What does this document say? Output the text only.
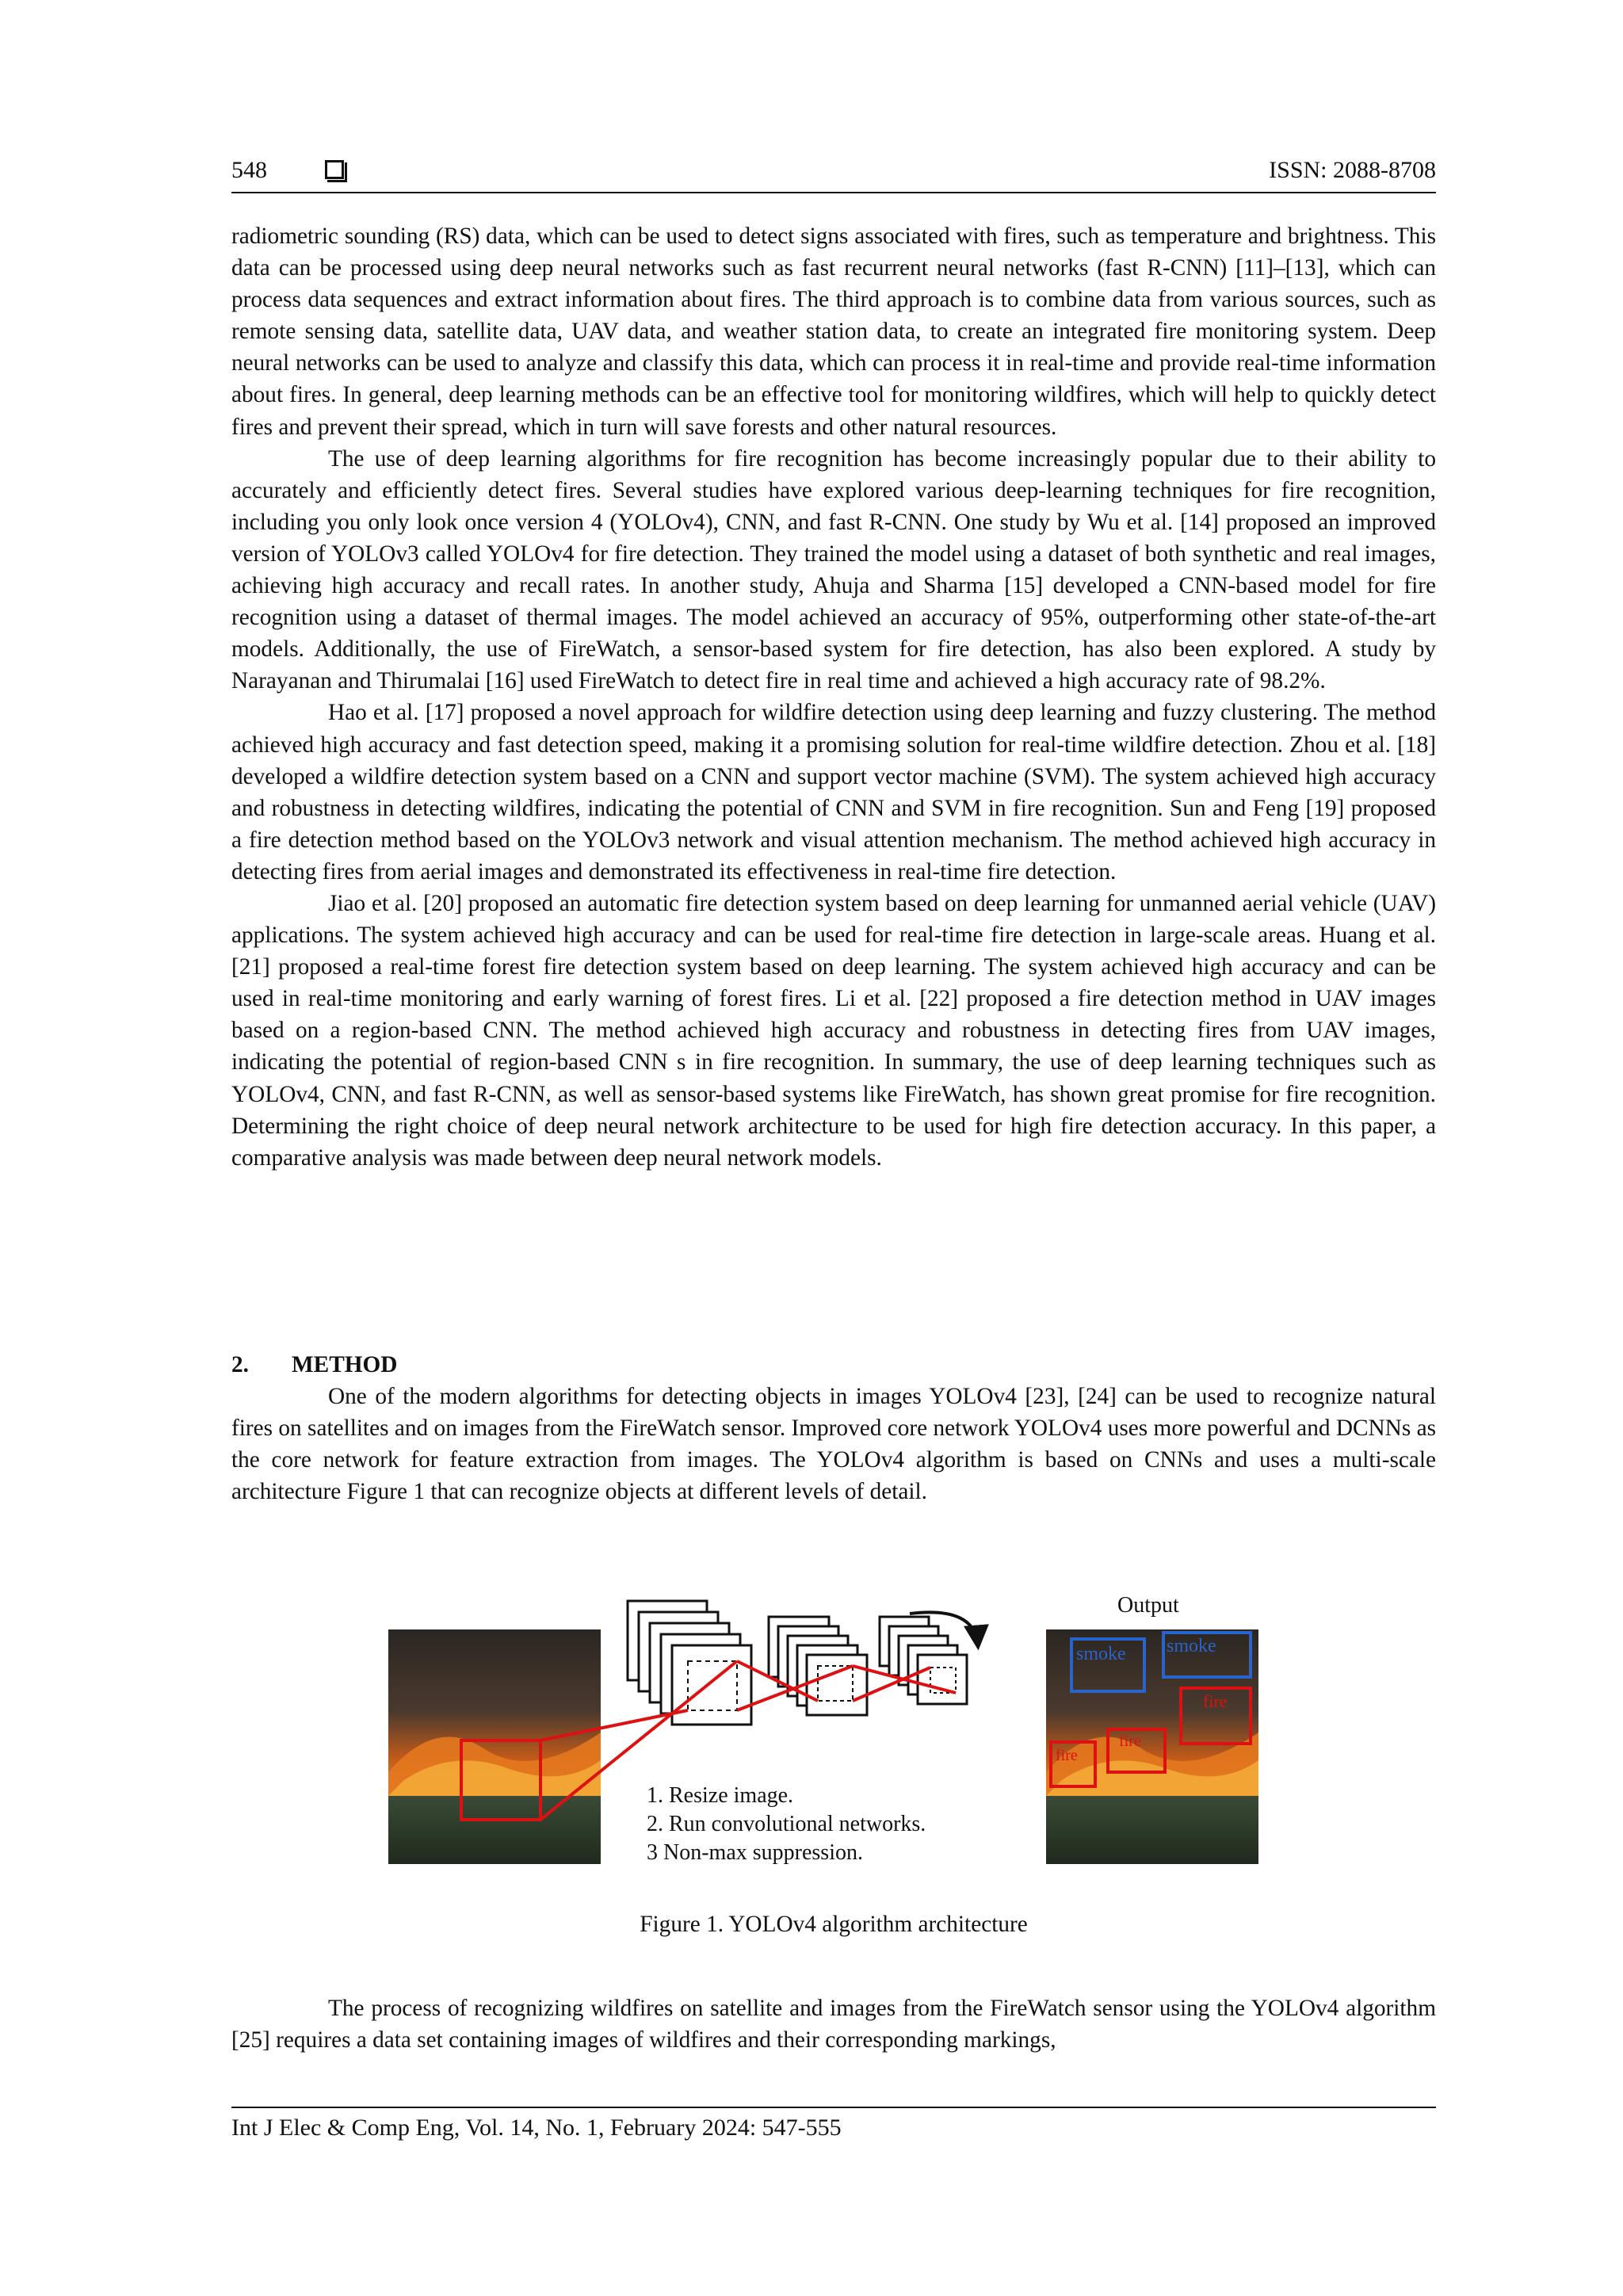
548	ISSN: 2088-8708

radiometric sounding (RS) data, which can be used to detect signs associated with fires, such as temperature and brightness. This data can be processed using deep neural networks such as fast recurrent neural networks (fast R-CNN) [11]–[13], which can process data sequences and extract information about fires. The third approach is to combine data from various sources, such as remote sensing data, satellite data, UAV data, and weather station data, to create an integrated fire monitoring system. Deep neural networks can be used to analyze and classify this data, which can process it in real-time and provide real-time information about fires. In general, deep learning methods can be an effective tool for monitoring wildfires, which will help to quickly detect fires and prevent their spread, which in turn will save forests and other natural resources.

The use of deep learning algorithms for fire recognition has become increasingly popular due to their ability to accurately and efficiently detect fires. Several studies have explored various deep-learning techniques for fire recognition, including you only look once version 4 (YOLOv4), CNN, and fast R-CNN. One study by Wu et al. [14] proposed an improved version of YOLOv3 called YOLOv4 for fire detection. They trained the model using a dataset of both synthetic and real images, achieving high accuracy and recall rates. In another study, Ahuja and Sharma [15] developed a CNN-based model for fire recognition using a dataset of thermal images. The model achieved an accuracy of 95%, outperforming other state-of-the-art models. Additionally, the use of FireWatch, a sensor-based system for fire detection, has also been explored. A study by Narayanan and Thirumalai [16] used FireWatch to detect fire in real time and achieved a high accuracy rate of 98.2%.

Hao et al. [17] proposed a novel approach for wildfire detection using deep learning and fuzzy clustering. The method achieved high accuracy and fast detection speed, making it a promising solution for real-time wildfire detection. Zhou et al. [18] developed a wildfire detection system based on a CNN and support vector machine (SVM). The system achieved high accuracy and robustness in detecting wildfires, indicating the potential of CNN and SVM in fire recognition. Sun and Feng [19] proposed a fire detection method based on the YOLOv3 network and visual attention mechanism. The method achieved high accuracy in detecting fires from aerial images and demonstrated its effectiveness in real-time fire detection.

Jiao et al. [20] proposed an automatic fire detection system based on deep learning for unmanned aerial vehicle (UAV) applications. The system achieved high accuracy and can be used for real-time fire detection in large-scale areas. Huang et al. [21] proposed a real-time forest fire detection system based on deep learning. The system achieved high accuracy and can be used in real-time monitoring and early warning of forest fires. Li et al. [22] proposed a fire detection method in UAV images based on a region-based CNN. The method achieved high accuracy and robustness in detecting fires from UAV images, indicating the potential of region-based CNN s in fire recognition. In summary, the use of deep learning techniques such as YOLOv4, CNN, and fast R-CNN, as well as sensor-based systems like FireWatch, has shown great promise for fire recognition. Determining the right choice of deep neural network architecture to be used for high fire detection accuracy. In this paper, a comparative analysis was made between deep neural network models.

2. METHOD

One of the modern algorithms for detecting objects in images YOLOv4 [23], [24] can be used to recognize natural fires on satellites and on images from the FireWatch sensor. Improved core network YOLOv4 uses more powerful and DCNNs as the core network for feature extraction from images. The YOLOv4 algorithm is based on CNNs and uses a multi-scale architecture Figure 1 that can recognize objects at different levels of detail.

Output
smoke smoke
fire
fire
fire
1. Resize image.
2. Run convolutional networks.
3 Non-max suppression.
Figure 1. YOLOv4 algorithm architecture

The process of recognizing wildfires on satellite and images from the FireWatch sensor using the YOLOv4 algorithm [25] requires a data set containing images of wildfires and their corresponding markings,

Int J Elec & Comp Eng, Vol. 14, No. 1, February 2024: 547-555
